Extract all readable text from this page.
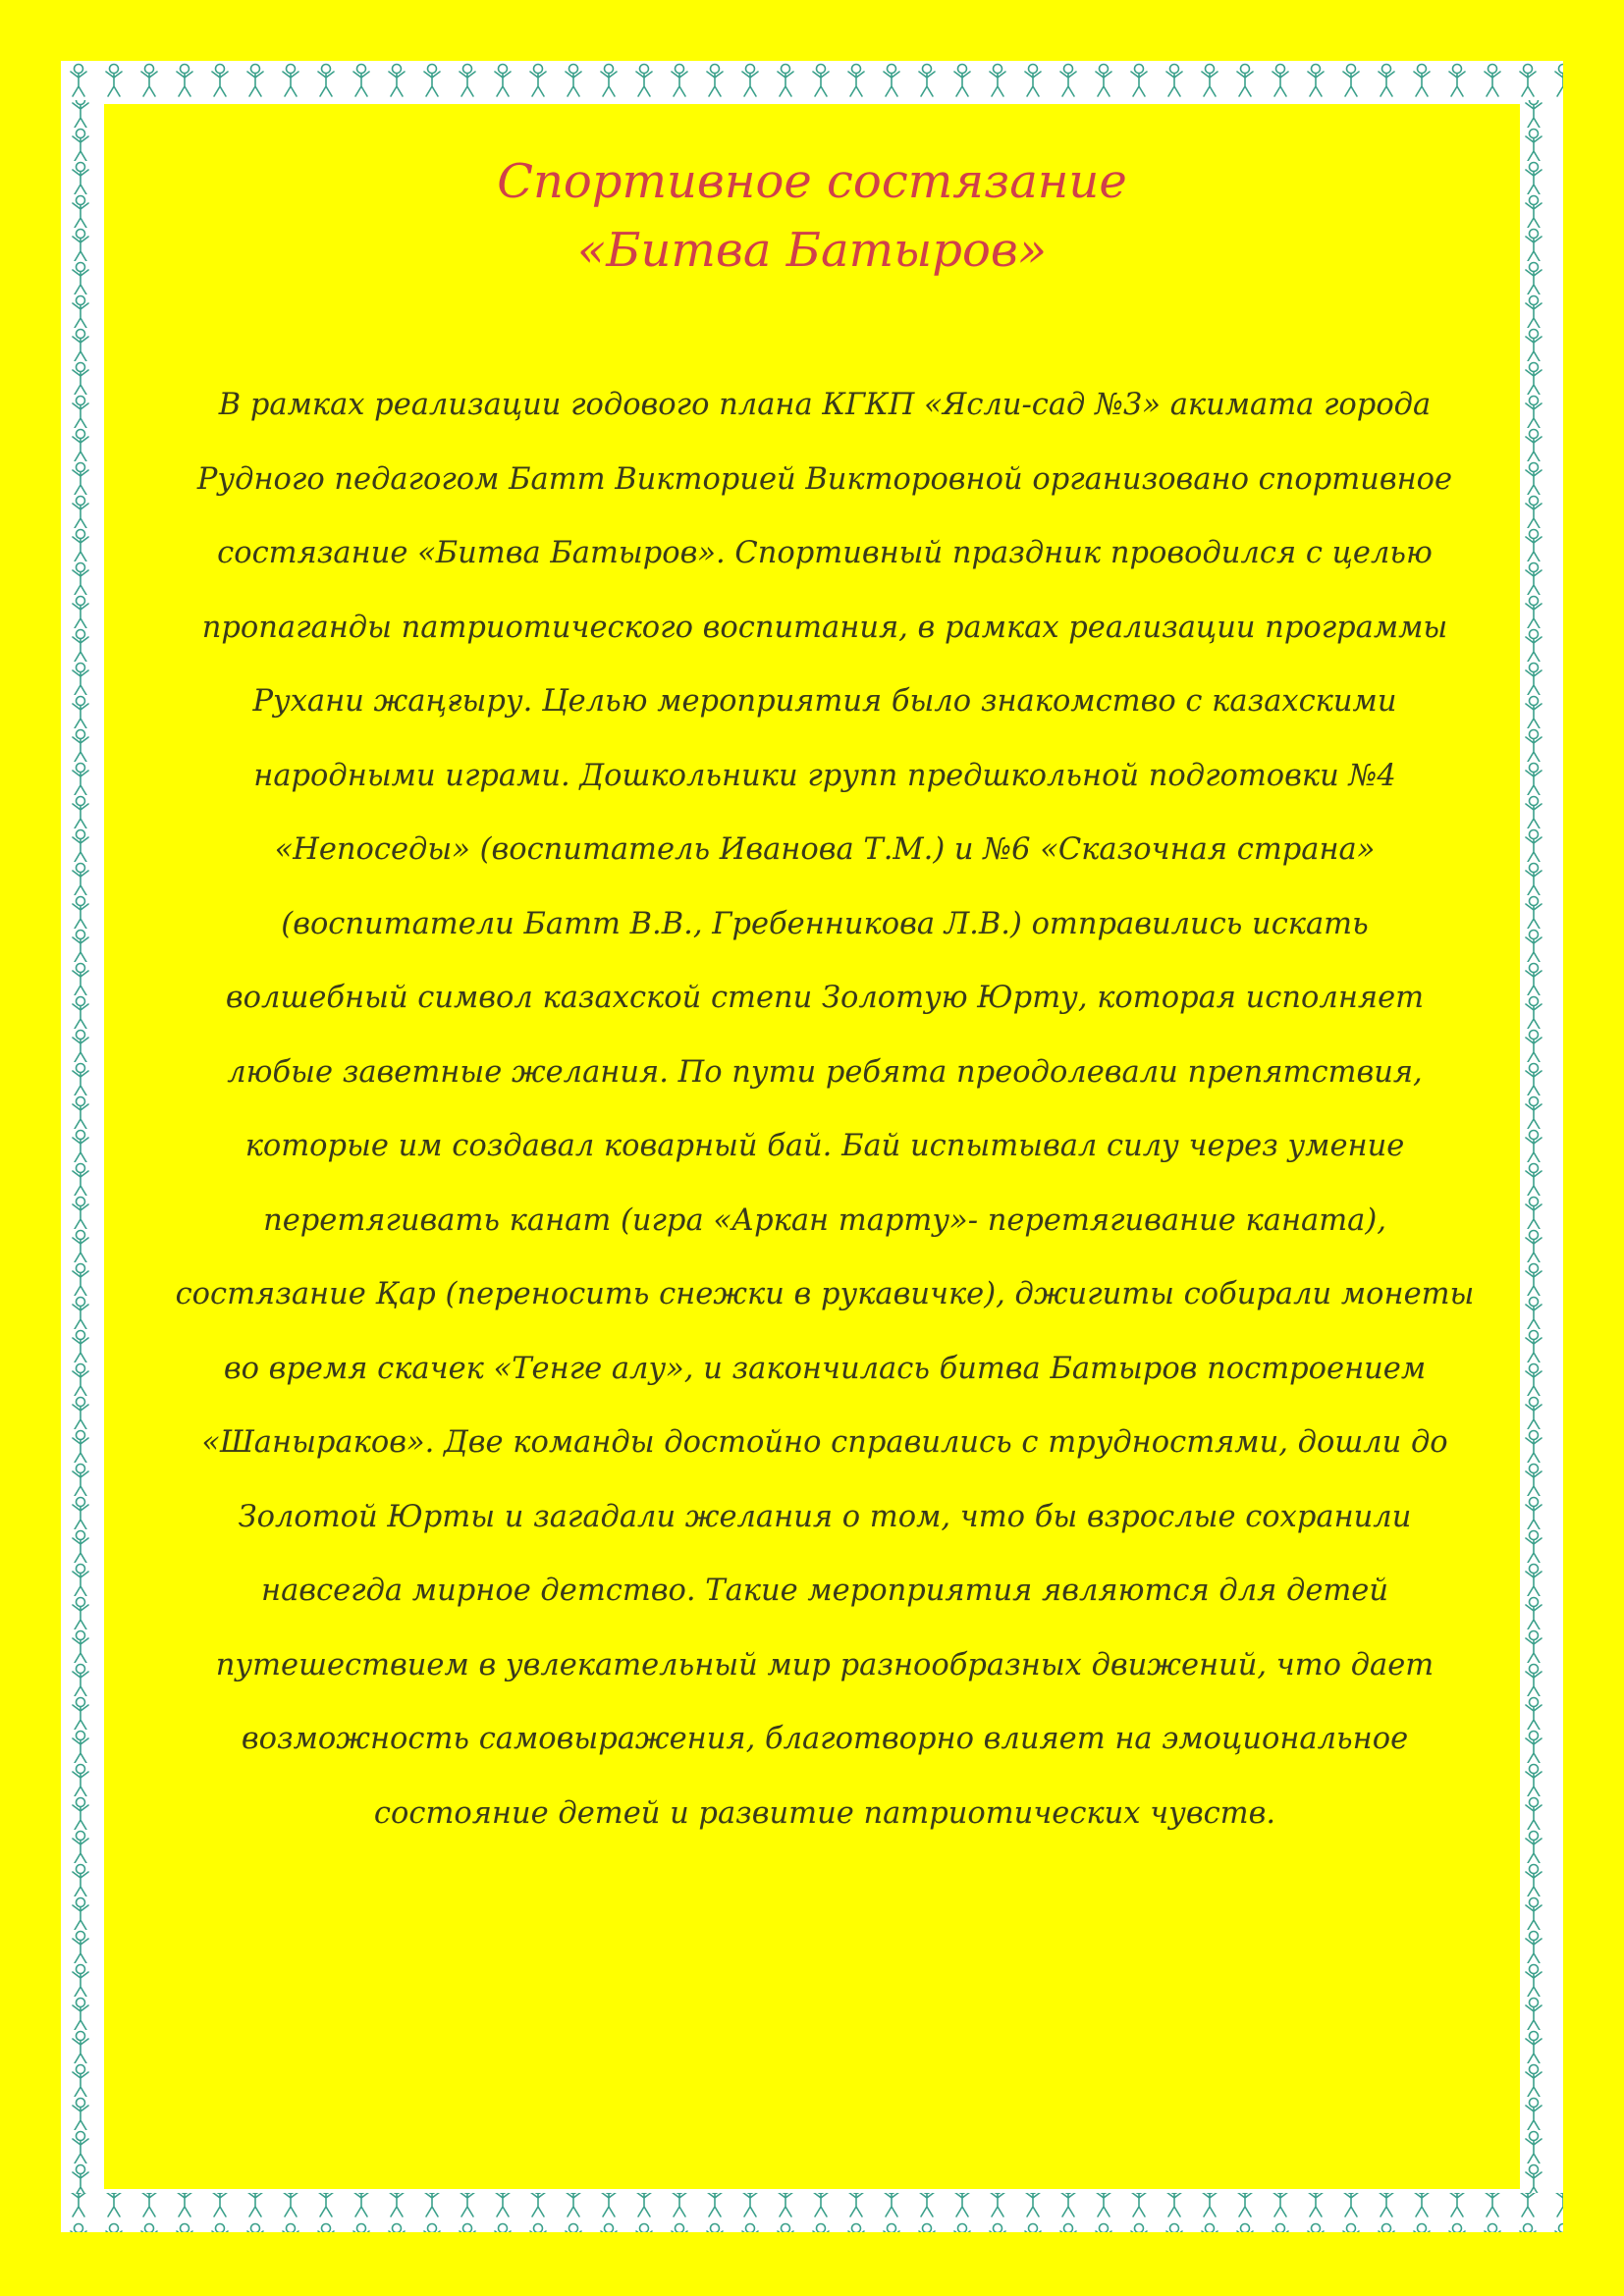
Спортивное состязание
«Битва Батыров»
В рамках реализации годового плана КГКП «Ясли-сад №3» акимата города
Рудного педагогом Батт Викторией Викторовной организовано спортивное
состязание «Битва Батыров». Спортивный праздник проводился с целью
пропаганды патриотического воспитания, в рамках реализации программы
Рухани жаңғыру. Целью мероприятия было знакомство с казахскими
народными играми. Дошкольники групп предшкольной подготовки №4
«Непоседы» (воспитатель Иванова Т.М.) и №6 «Сказочная страна»
(воспитатели Батт В.В., Гребенникова Л.В.) отправились искать
волшебный символ казахской степи Золотую Юрту, которая исполняет
любые заветные желания. По пути ребята преодолевали препятствия,
которые им создавал коварный бай. Бай испытывал силу через умение
перетягивать канат (игра «Аркан тарту»- перетягивание каната),
состязание Қар (переносить снежки в рукавичке), джигиты собирали монеты
во время скачек «Тенге алу», и закончилась битва Батыров построением
«Шаныраков». Две команды достойно справились с трудностями, дошли до
Золотой Юрты и загадали желания о том, что бы взрослые сохранили
навсегда мирное детство. Такие мероприятия являются для детей
путешествием в увлекательный мир разнообразных движений, что дает
возможность самовыражения, благотворно влияет на эмоциональное
состояние детей и развитие патриотических чувств.
